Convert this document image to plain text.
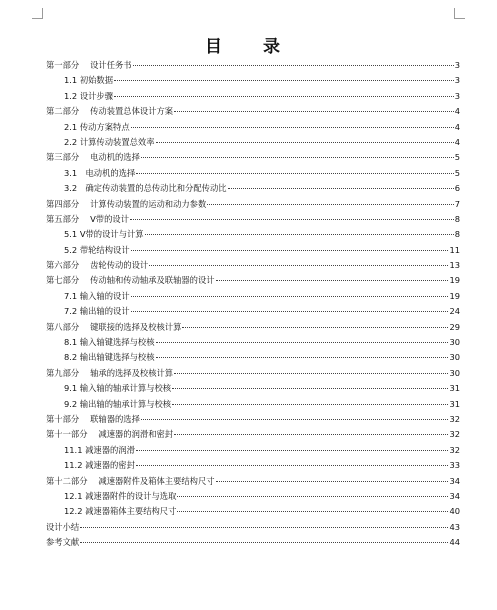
目　录
第一部分　 设计任务书	3
1.1 初始数据	3
1.2 设计步骤	3
第二部分　 传动装置总体设计方案	4
2.1 传动方案特点	4
2.2 计算传动装置总效率	4
第三部分　 电动机的选择	5
3.1　电动机的选择	5
3.2　确定传动装置的总传动比和分配传动比	6
第四部分　 计算传动装置的运动和动力参数	7
第五部分　 V带的设计	8
5.1 V带的设计与计算	8
5.2 带轮结构设计	11
第六部分　 齿轮传动的设计	13
第七部分　 传动轴和传动轴承及联轴器的设计	19
7.1 输入轴的设计	19
7.2 输出轴的设计	24
第八部分　 键联接的选择及校核计算	29
8.1 输入轴键选择与校核	30
8.2 输出轴键选择与校核	30
第九部分　 轴承的选择及校核计算	30
9.1 输入轴的轴承计算与校核	31
9.2 输出轴的轴承计算与校核	31
第十部分　 联轴器的选择	32
第十一部分　 减速器的润滑和密封	32
11.1 减速器的润滑	32
11.2 减速器的密封	33
第十二部分　 减速器附件及箱体主要结构尺寸	34
12.1 减速器附件的设计与选取	34
12.2 减速器箱体主要结构尺寸	40
设计小结	43
参考文献	44
